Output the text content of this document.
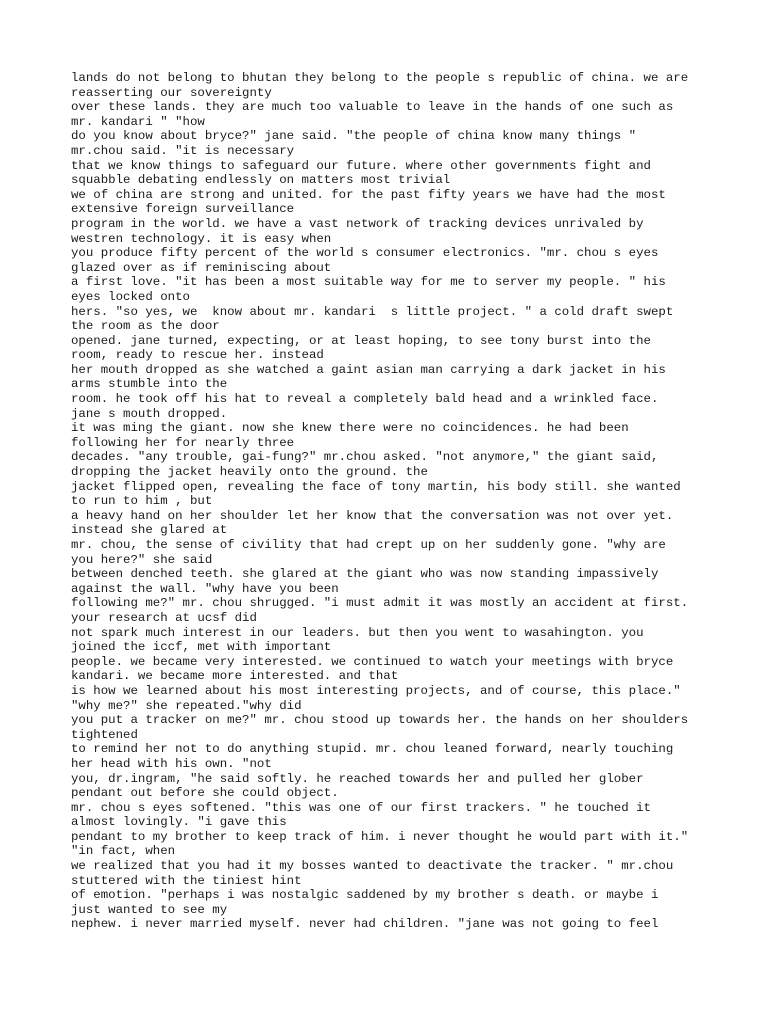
lands do not belong to bhutan they belong to the people s republic of china. we are
reasserting our sovereignty
over these lands. they are much too valuable to leave in the hands of one such as
mr. kandari " "how
do you know about bryce?" jane said. "the people of china know many things "
mr.chou said. "it is necessary
that we know things to safeguard our future. where other governments fight and
squabble debating endlessly on matters most trivial
we of china are strong and united. for the past fifty years we have had the most
extensive foreign surveillance
program in the world. we have a vast network of tracking devices unrivaled by
westren technology. it is easy when
you produce fifty percent of the world s consumer electronics. "mr. chou s eyes
glazed over as if reminiscing about
a first love. "it has been a most suitable way for me to server my people. " his
eyes locked onto
hers. "so yes, we  know about mr. kandari  s little project. " a cold draft swept
the room as the door
opened. jane turned, expecting, or at least hoping, to see tony burst into the
room, ready to rescue her. instead
her mouth dropped as she watched a gaint asian man carrying a dark jacket in his
arms stumble into the
room. he took off his hat to reveal a completely bald head and a wrinkled face.
jane s mouth dropped.
it was ming the giant. now she knew there were no coincidences. he had been
following her for nearly three
decades. "any trouble, gai-fung?" mr.chou asked. "not anymore," the giant said,
dropping the jacket heavily onto the ground. the
jacket flipped open, revealing the face of tony martin, his body still. she wanted
to run to him , but
a heavy hand on her shoulder let her know that the conversation was not over yet.
instead she glared at
mr. chou, the sense of civility that had crept up on her suddenly gone. "why are
you here?" she said
between denched teeth. she glared at the giant who was now standing impassively
against the wall. "why have you been
following me?" mr. chou shrugged. "i must admit it was mostly an accident at first.
your research at ucsf did
not spark much interest in our leaders. but then you went to wasahington. you
joined the iccf, met with important
people. we became very interested. we continued to watch your meetings with bryce
kandari. we became more interested. and that
is how we learned about his most interesting projects, and of course, this place."
"why me?" she repeated."why did
you put a tracker on me?" mr. chou stood up towards her. the hands on her shoulders
tightened
to remind her not to do anything stupid. mr. chou leaned forward, nearly touching
her head with his own. "not
you, dr.ingram, "he said softly. he reached towards her and pulled her glober
pendant out before she could object.
mr. chou s eyes softened. "this was one of our first trackers. " he touched it
almost lovingly. "i gave this
pendant to my brother to keep track of him. i never thought he would part with it."
"in fact, when
we realized that you had it my bosses wanted to deactivate the tracker. " mr.chou
stuttered with the tiniest hint
of emotion. "perhaps i was nostalgic saddened by my brother s death. or maybe i
just wanted to see my
nephew. i never married myself. never had children. "jane was not going to feel
